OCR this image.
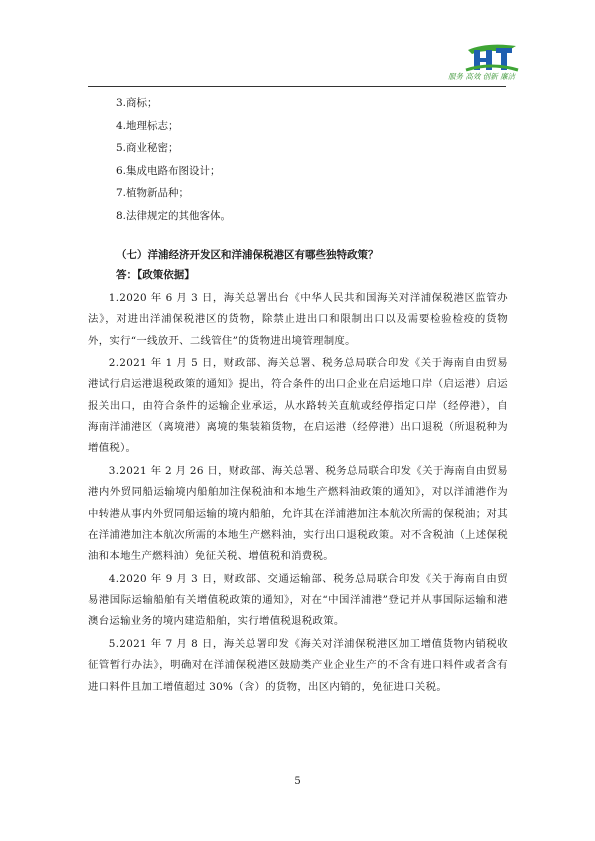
服务 高效 创新 廉洁
3.商标；
4.地理标志；
5.商业秘密；
6.集成电路布图设计；
7.植物新品种；
8.法律规定的其他客体。
（七）洋浦经济开发区和洋浦保税港区有哪些独特政策？
答：【政策依据】

1.2020 年 6 月 3 日，海关总署出台《中华人民共和国海关对洋浦保税港区监管办法》，对进出洋浦保税港区的货物，除禁止进出口和限制出口以及需要检验检疫的货物外，实行“一线放开、二线管住”的货物进出境管理制度。

2.2021 年 1 月 5 日，财政部、海关总署、税务总局联合印发《关于海南自由贸易港试行启运港退税政策的通知》提出，符合条件的出口企业在启运地口岸（启运港）启运报关出口，由符合条件的运输企业承运，从水路转关直航或经停指定口岸（经停港），自海南洋浦港区（离境港）离境的集装箱货物，在启运港（经停港）出口退税（所退税种为增值税）。

3.2021 年 2 月 26 日，财政部、海关总署、税务总局联合印发《关于海南自由贸易港内外贸同船运输境内船舶加注保税油和本地生产燃料油政策的通知》，对以洋浦港作为中转港从事内外贸同船运输的境内船舶，允许其在洋浦港加注本航次所需的保税油；对其在洋浦港加注本航次所需的本地生产燃料油，实行出口退税政策。对不含税油（上述保税油和本地生产燃料油）免征关税、增值税和消费税。

4.2020 年 9 月 3 日，财政部、交通运输部、税务总局联合印发《关于海南自由贸易港国际运输船舶有关增值税政策的通知》，对在“中国洋浦港”登记并从事国际运输和港澳台运输业务的境内建造船舶，实行增值税退税政策。

5.2021 年 7 月 8 日，海关总署印发《海关对洋浦保税港区加工增值货物内销税收征管暂行办法》，明确对在洋浦保税港区鼓励类产业企业生产的不含有进口料件或者含有进口料件且加工增值超过 30%（含）的货物，出区内销的，免征进口关税。

5
